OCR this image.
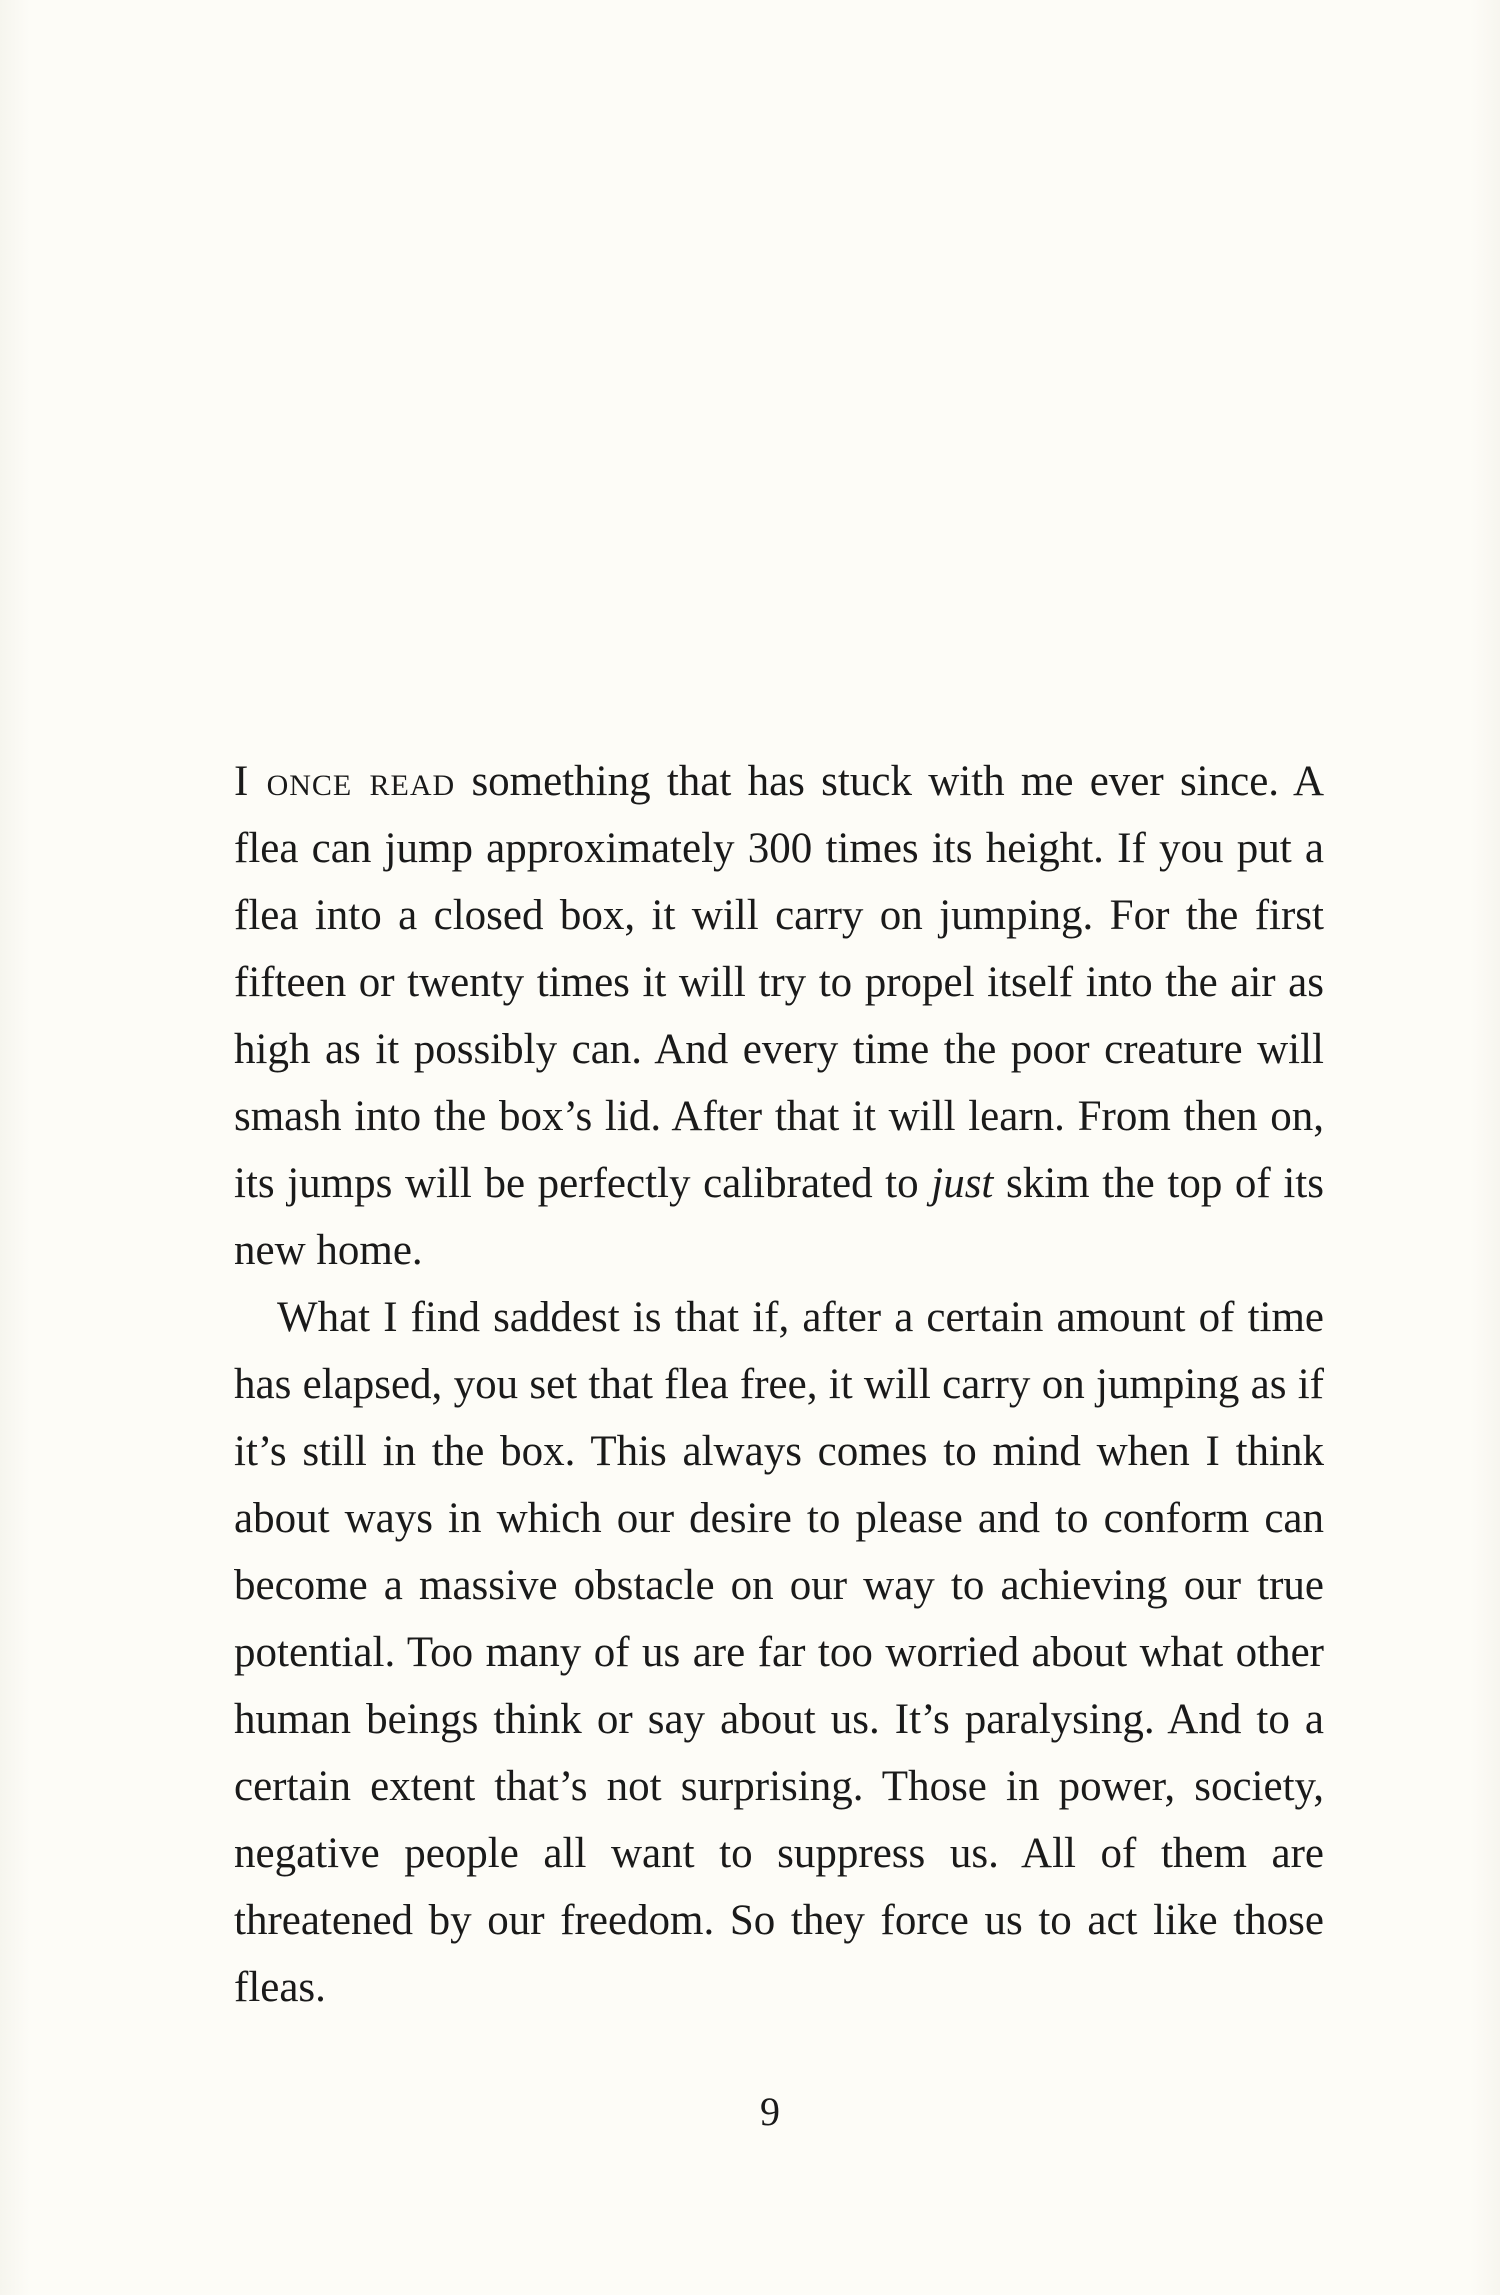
I once read something that has stuck with me ever since. A flea can jump approximately 300 times its height. If you put a flea into a closed box, it will carry on jumping. For the first fifteen or twenty times it will try to propel itself into the air as high as it possibly can. And every time the poor creature will smash into the box’s lid. After that it will learn. From then on, its jumps will be perfectly calibrated to just skim the top of its new home.

What I find saddest is that if, after a certain amount of time has elapsed, you set that flea free, it will carry on jumping as if it’s still in the box. This always comes to mind when I think about ways in which our desire to please and to conform can become a massive obstacle on our way to achieving our true potential. Too many of us are far too worried about what other human beings think or say about us. It’s paralysing. And to a certain extent that’s not surprising. Those in power, society, negative people all want to suppress us. All of them are threatened by our freedom. So they force us to act like those fleas.

9
